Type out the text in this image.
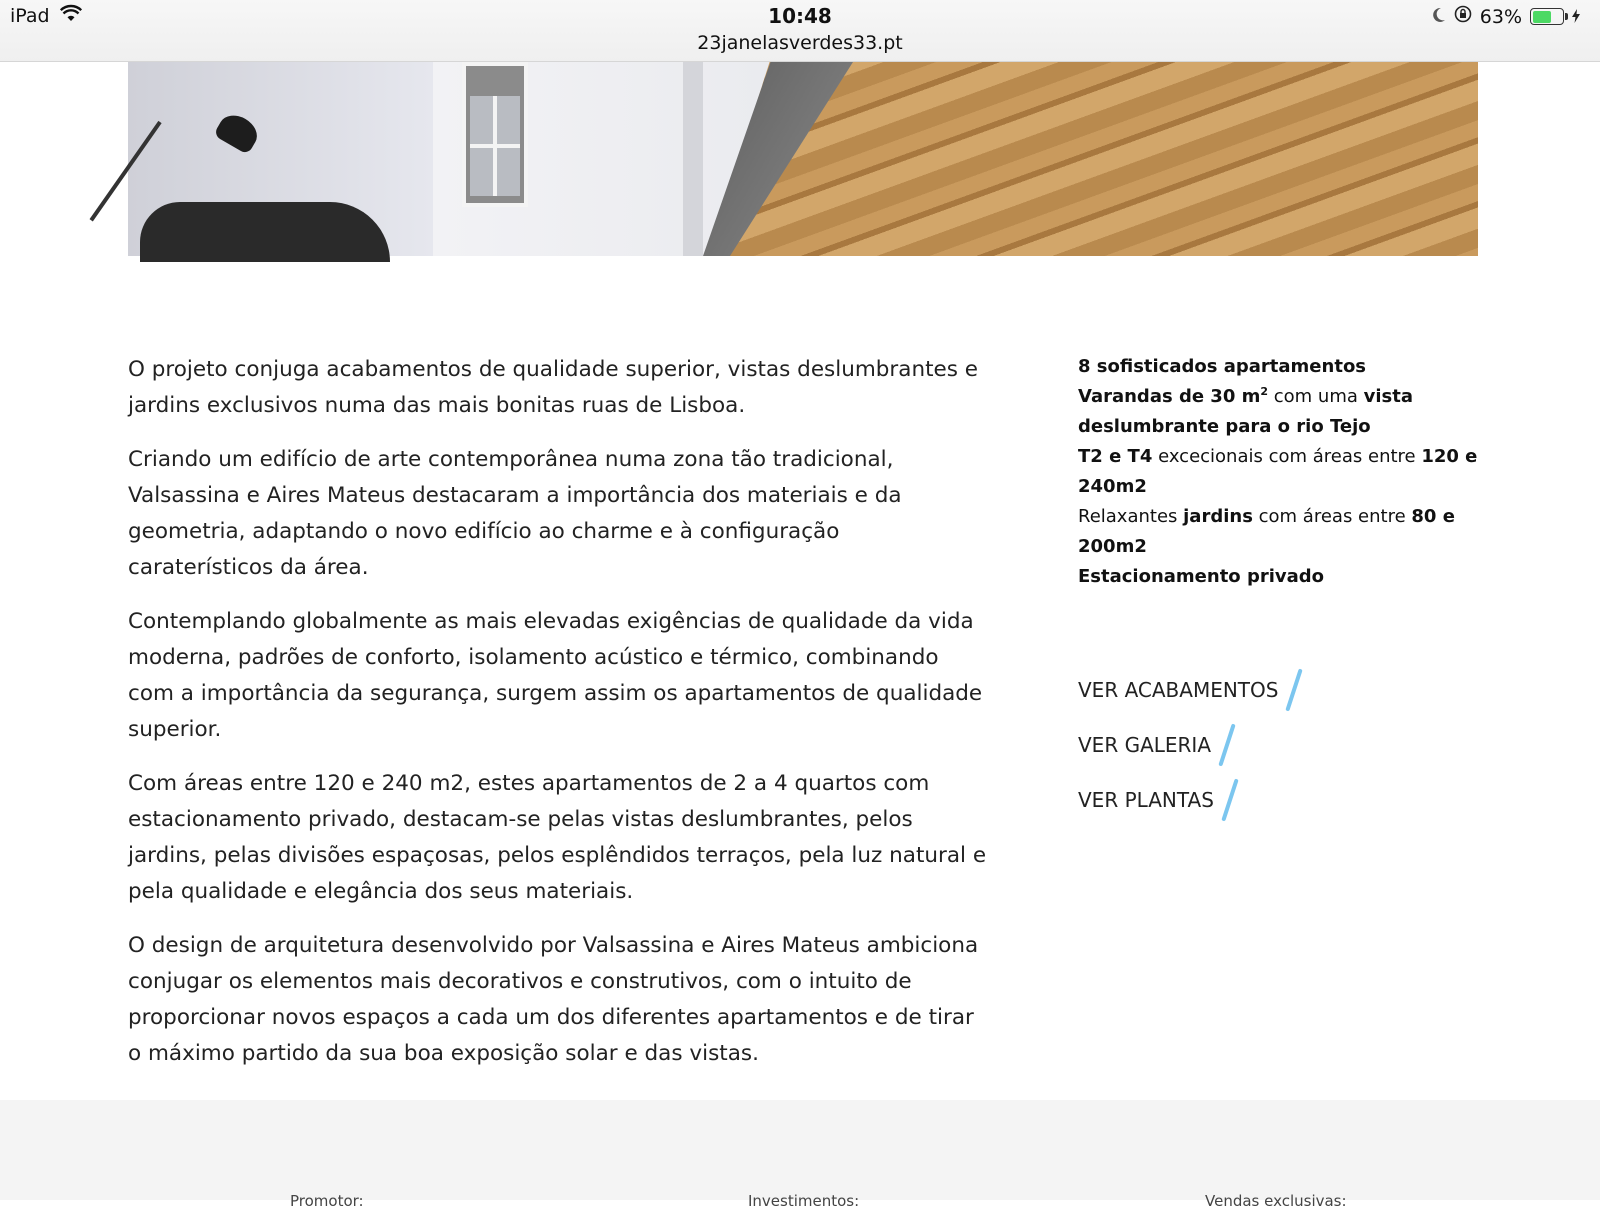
iPad	10:48
23janelasverdes33.pt
63%

O projeto conjuga acabamentos de qualidade superior, vistas deslumbrantes e jardins exclusivos numa das mais bonitas ruas de Lisboa.

Criando um edifício de arte contemporânea numa zona tão tradicional, Valsassina e Aires Mateus destacaram a importância dos materiais e da geometria, adaptando o novo edifício ao charme e à configuração caraterísticos da área.

Contemplando globalmente as mais elevadas exigências de qualidade da vida moderna, padrões de conforto, isolamento acústico e térmico, combinando com a importância da segurança, surgem assim os apartamentos de qualidade superior.

Com áreas entre 120 e 240 m2, estes apartamentos de 2 a 4 quartos com estacionamento privado, destacam-se pelas vistas deslumbrantes, pelos jardins, pelas divisões espaçosas, pelos esplêndidos terraços, pela luz natural e pela qualidade e elegância dos seus materiais.

O design de arquitetura desenvolvido por Valsassina e Aires Mateus ambiciona conjugar os elementos mais decorativos e construtivos, com o intuito de proporcionar novos espaços a cada um dos diferentes apartamentos e de tirar o máximo partido da sua boa exposição solar e das vistas.

8 sofisticados apartamentos
Varandas de 30 $m^2$ com uma vista deslumbrante para o rio Tejo
T2 e T4 excecionais com áreas entre 120 e 240m2
Relaxantes jardins com áreas entre 80 e 200m2
Estacionamento privado
VER ACABAMENTOS
VER GALERIA
VER PLANTAS
Promotor:	Investimentos:	Vendas exclusivas:
